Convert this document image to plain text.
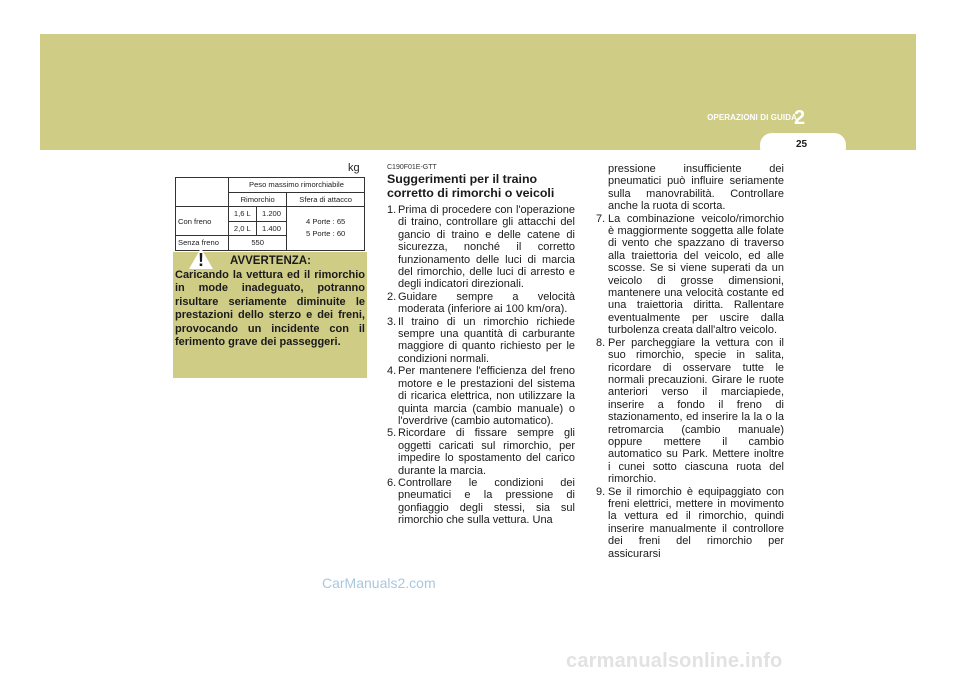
OPERAZIONI DI GUIDA
2
25
kg
	Peso massimo rimorchiabile		
	Rimorchio		Sfera di attacco
Con freno	1,6 L	1.200	4 Porte : 65
5 Porte : 60
	2,0 L	1.400	
Senza freno	550		
! AVVERTENZA:
Caricando la vettura ed il rimorchio in mode inadeguato, potranno risultare seriamente diminuite le prestazioni dello sterzo e dei freni, provocando un incidente con il ferimento grave dei passeggeri.
C190F01E-GTT
Suggerimenti per il traino corretto di rimorchi o veicoli
1. Prima di procedere con l'operazione di traino, controllare gli attacchi del gancio di traino e delle catene di sicurezza, nonché il corretto funzionamento delle luci di marcia del rimorchio, delle luci di arresto e degli indicatori direzionali.
2. Guidare sempre a velocità moderata (inferiore ai 100 km/ora).
3. Il traino di un rimorchio richiede sempre una quantità di carburante maggiore di quanto richiesto per le condizioni normali.
4. Per mantenere l'efficienza del freno motore e le prestazioni del sistema di ricarica elettrica, non utilizzare la quinta marcia (cambio manuale) o l'overdrive (cambio automatico).
5. Ricordare di fissare sempre gli oggetti caricati sul rimorchio, per impedire lo spostamento del carico durante la marcia.
6. Controllare le condizioni dei pneumatici e la pressione di gonfiaggio degli stessi, sia sul rimorchio che sulla vettura. Una
pressione insufficiente dei pneumatici può influire seriamente sulla manovrabilità. Controllare anche la ruota di scorta.
7. La combinazione veicolo/rimorchio è maggiormente soggetta alle folate di vento che spazzano di traverso alla traiettoria del veicolo, ed alle scosse. Se si viene superati da un veicolo di grosse dimensioni, mantenere una velocità costante ed una traiettoria diritta. Rallentare eventualmente per uscire dalla turbolenza creata dall'altro veicolo.
8. Per parcheggiare la vettura con il suo rimorchio, specie in salita, ricordare di osservare tutte le normali precauzioni. Girare le ruote anteriori verso il marciapiede, inserire a fondo il freno di stazionamento, ed inserire la la o la retromarcia (cambio manuale) oppure mettere il cambio automatico su Park. Mettere inoltre i cunei sotto ciascuna ruota del rimorchio.
9. Se il rimorchio è equipaggiato con freni elettrici, mettere in movimento la vettura ed il rimorchio, quindi inserire manualmente il controllore dei freni del rimorchio per assicurarsi
CarManuals2.com
carmanualsonline.info
